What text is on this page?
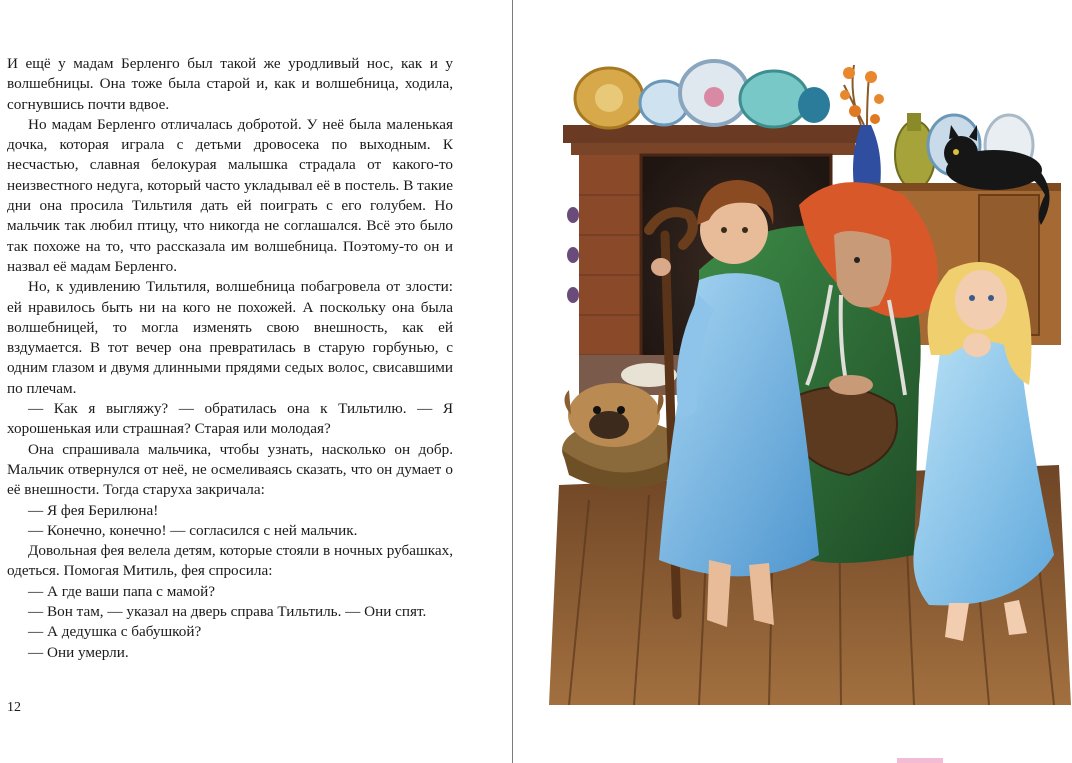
И ещё у мадам Берленго был такой же уродливый нос, как и у волшебницы. Она тоже была старой и, как и волшебница, ходила, согнувшись почти вдвое.

Но мадам Берленго отличалась добротой. У неё была маленькая дочка, которая играла с детьми дровосека по выходным. К несчастью, славная белокурая малышка страдала от какого-то неизвестного недуга, который часто укладывал её в постель. В такие дни она просила Тильтиля дать ей поиграть с его голубем. Но мальчик так любил птицу, что никогда не соглашался. Всё это было так похоже на то, что рассказала им волшебница. Поэтому-то он и назвал её мадам Берленго.

Но, к удивлению Тильтиля, волшебница побагровела от злости: ей нравилось быть ни на кого не похожей. А поскольку она была волшебницей, то могла изменять свою внешность, как ей вздумается. В тот вечер она превратилась в старую горбунью, с одним глазом и двумя длинными прядями седых волос, свисавшими по плечам.

— Как я выгляжу? — обратилась она к Тильтилю. — Я хорошенькая или страшная? Старая или молодая?

Она спрашивала мальчика, чтобы узнать, насколько он добр. Мальчик отвернулся от неё, не осмеливаясь сказать, что он думает о её внешности. Тогда старуха закричала:

— Я фея Берилюна!

— Конечно, конечно! — согласился с ней мальчик.

Довольная фея велела детям, которые стояли в ночных рубашках, одеться. Помогая Митиль, фея спросила:

— А где ваши папа с мамой?

— Вон там, — указал на дверь справа Тильтиль. — Они спят.

— А дедушка с бабушкой?

— Они умерли.

12
